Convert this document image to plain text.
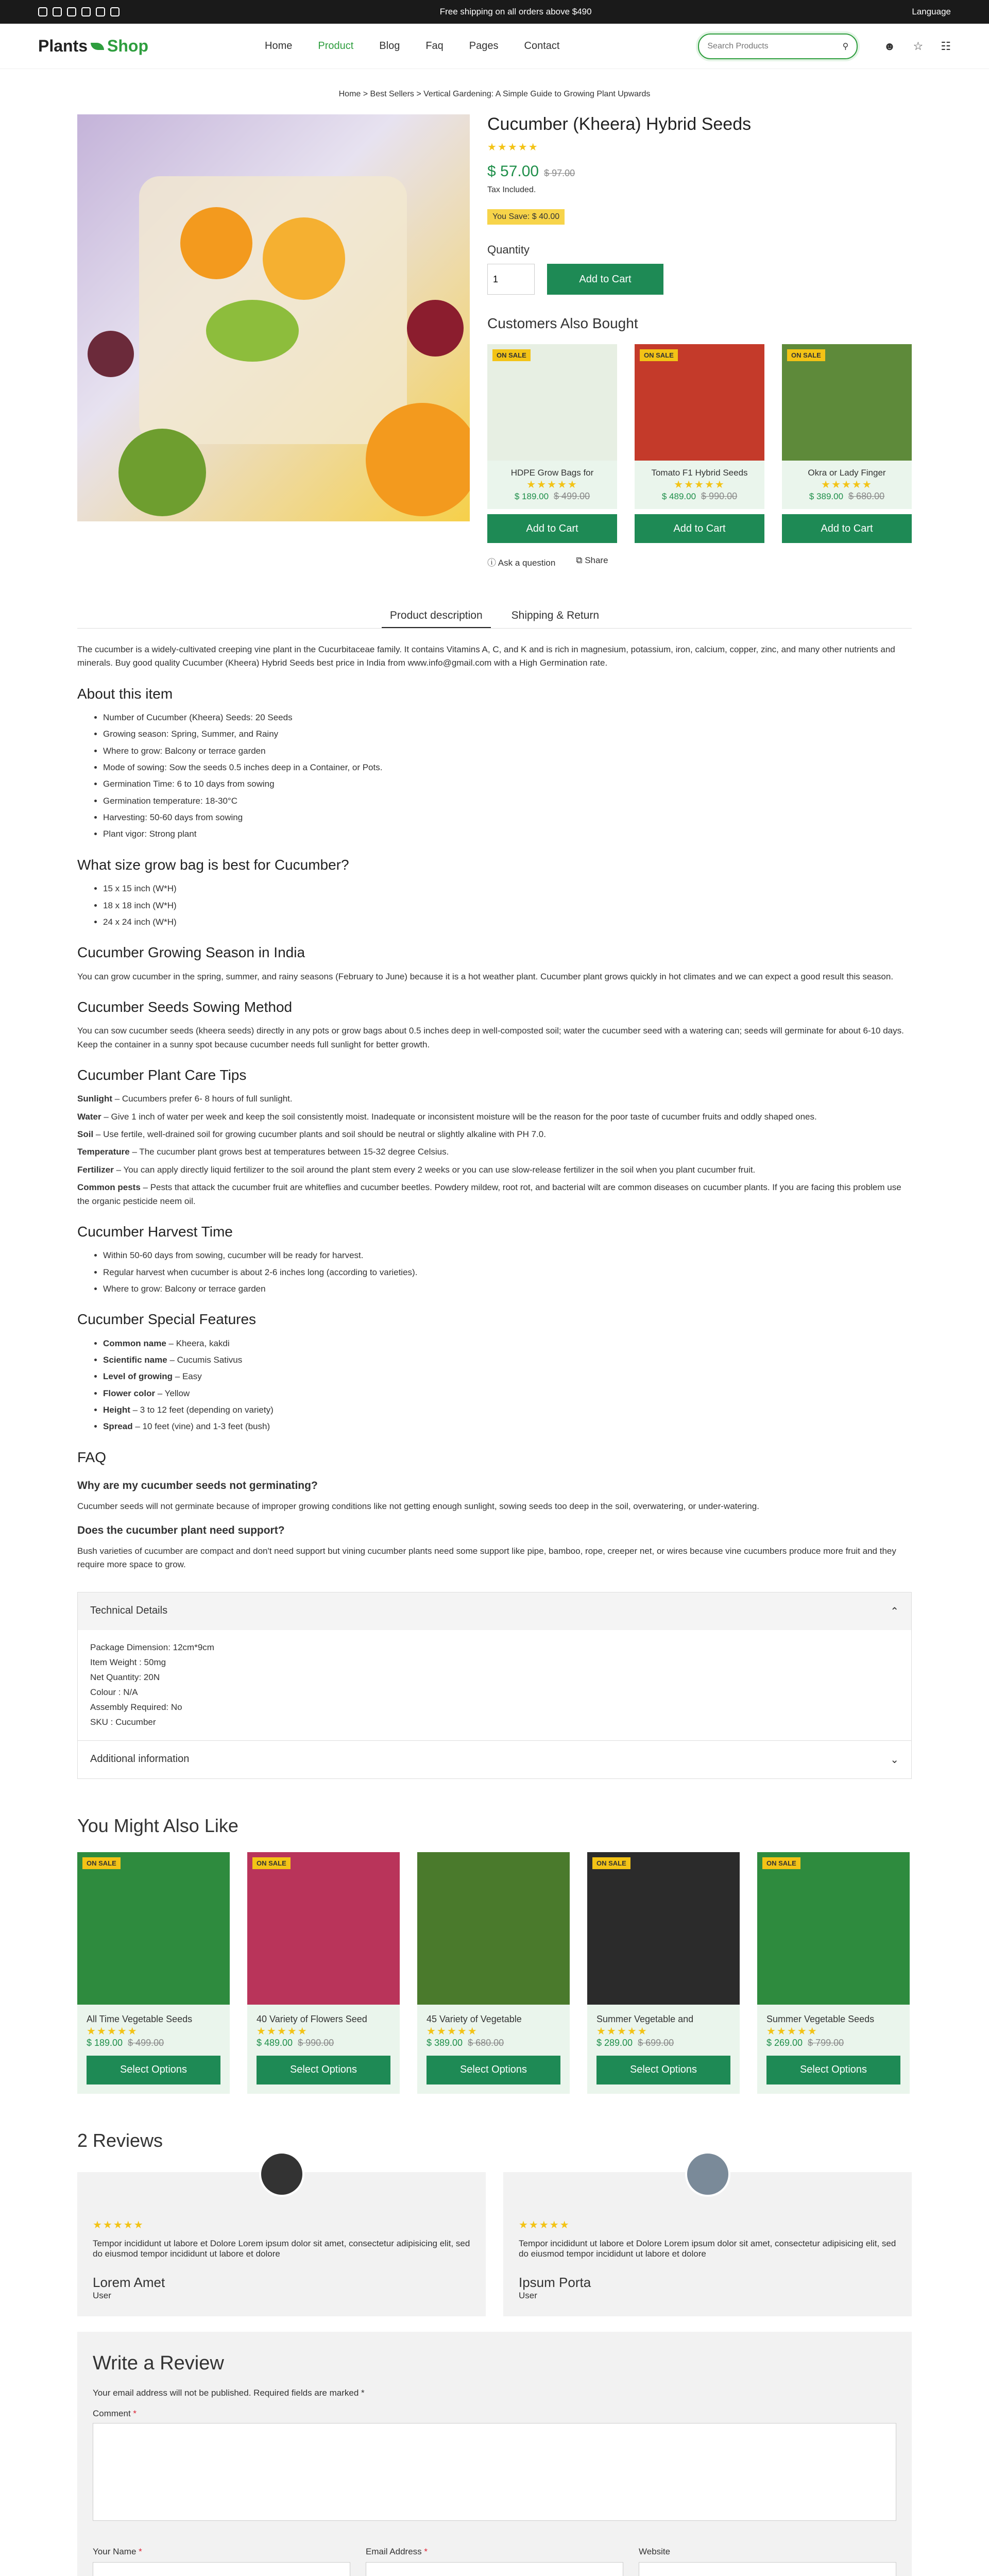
Free shipping on all orders above $490	Language
Plants Shop	Home	Product	Blog	Faq	Pages	Contact
Search Products	⚲	☻ ☆ ☷
Home > Best Sellers > Vertical Gardening: A Simple Guide to Growing Plant Upwards
Cucumber (Kheera) Hybrid Seeds
★★★★★
$ 57.00 $ 97.00
Tax Included.
You Save: $ 40.00
Quantity
1
Add to Cart
Customers Also Bought
ON SALE
HDPE Grow Bags for
★★★★★
$ 189.00 $ 499.00
Add to Cart
ON SALE
Tomato F1 Hybrid Seeds
★★★★★
$ 489.00 $ 990.00
Add to Cart
ON SALE
Okra or Lady Finger
★★★★★
$ 389.00 $ 680.00
Add to Cart
ⓘ Ask a question ⧉ Share
Product description	Shipping & Return

The cucumber is a widely-cultivated creeping vine plant in the Cucurbitaceae family. It contains Vitamins A, C, and K and is rich in magnesium, potassium, iron, calcium, copper, zinc, and many other nutrients and minerals. Buy good quality Cucumber (Kheera) Hybrid Seeds best price in India from www.info@gmail.com with a High Germination rate.

About this item
• Number of Cucumber (Kheera) Seeds: 20 Seeds
• Growing season: Spring, Summer, and Rainy
• Where to grow: Balcony or terrace garden
• Mode of sowing: Sow the seeds 0.5 inches deep in a Container, or Pots.
• Germination Time: 6 to 10 days from sowing
• Germination temperature: 18-30°C
• Harvesting: 50-60 days from sowing
• Plant vigor: Strong plant
What size grow bag is best for Cucumber?
• 15 x 15 inch (W*H)
• 18 x 18 inch (W*H)
• 24 x 24 inch (W*H)
Cucumber Growing Season in India

You can grow cucumber in the spring, summer, and rainy seasons (February to June) because it is a hot weather plant. Cucumber plant grows quickly in hot climates and we can expect a good result this season.

Cucumber Seeds Sowing Method

You can sow cucumber seeds (kheera seeds) directly in any pots or grow bags about 0.5 inches deep in well-composted soil; water the cucumber seed with a watering can; seeds will germinate for about 6-10 days. Keep the container in a sunny spot because cucumber needs full sunlight for better growth.

Cucumber Plant Care Tips

Sunlight – Cucumbers prefer 6- 8 hours of full sunlight.

Water – Give 1 inch of water per week and keep the soil consistently moist. Inadequate or inconsistent moisture will be the reason for the poor taste of cucumber fruits and oddly shaped ones.

Soil – Use fertile, well-drained soil for growing cucumber plants and soil should be neutral or slightly alkaline with PH 7.0.

Temperature – The cucumber plant grows best at temperatures between 15-32 degree Celsius.

Fertilizer – You can apply directly liquid fertilizer to the soil around the plant stem every 2 weeks or you can use slow-release fertilizer in the soil when you plant cucumber fruit.

Common pests – Pests that attack the cucumber fruit are whiteflies and cucumber beetles. Powdery mildew, root rot, and bacterial wilt are common diseases on cucumber plants. If you are facing this problem use the organic pesticide neem oil.

Cucumber Harvest Time
• Within 50-60 days from sowing, cucumber will be ready for harvest.
• Regular harvest when cucumber is about 2-6 inches long (according to varieties).
• Where to grow: Balcony or terrace garden
Cucumber Special Features
• Common name – Kheera, kakdi
• Scientific name – Cucumis Sativus
• Level of growing – Easy
• Flower color – Yellow
• Height – 3 to 12 feet (depending on variety)
• Spread – 10 feet (vine) and 1-3 feet (bush)
FAQ
Why are my cucumber seeds not germinating?

Cucumber seeds will not germinate because of improper growing conditions like not getting enough sunlight, sowing seeds too deep in the soil, overwatering, or under-watering.

Does the cucumber plant need support?

Bush varieties of cucumber are compact and don't need support but vining cucumber plants need some support like pipe, bamboo, rope, creeper net, or wires because vine cucumbers produce more fruit and they require more space to grow.

Technical Details	⌃
Package Dimension: 12cm*9cm
Item Weight : 50mg
Net Quantity: 20N
Colour : N/A
Assembly Required: No
SKU : Cucumber
Additional information	⌄
You Might Also Like
ON SALE
All Time Vegetable Seeds
★★★★★
$ 189.00 $ 499.00
Select Options
ON SALE
40 Variety of Flowers Seed
★★★★★
$ 489.00 $ 990.00
Select Options
45 Variety of Vegetable
★★★★★
$ 389.00 $ 680.00
Select Options
ON SALE
Summer Vegetable and
★★★★★
$ 289.00 $ 699.00
Select Options
ON SALE
Summer Vegetable Seeds
★★★★★
$ 269.00 $ 799.00
Select Options
2 Reviews
★★★★★

Tempor incididunt ut labore et Dolore Lorem ipsum dolor sit amet, consectetur adipisicing elit, sed do eiusmod tempor incididunt ut labore et dolore

Lorem Amet
User
★★★★★

Tempor incididunt ut labore et Dolore Lorem ipsum dolor sit amet, consectetur adipisicing elit, sed do eiusmod tempor incididunt ut labore et dolore

Ipsum Porta
User
Write a Review

Your email address will not be published. Required fields are marked *

Comment *
Your Name *	Email Address *	Website
